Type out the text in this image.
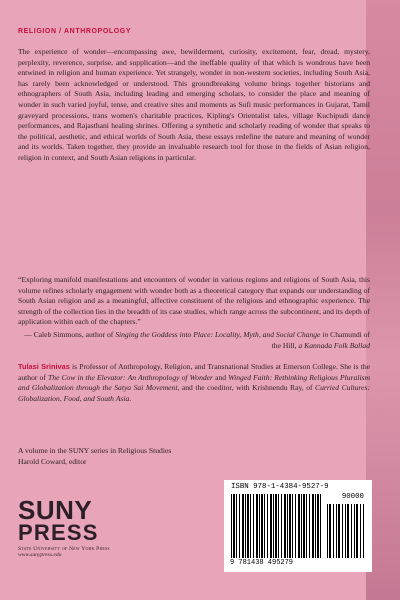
RELIGION / ANTHROPOLOGY

The experience of wonder—encompassing awe, bewilderment, curiosity, excitement, fear, dread, mystery, perplexity, reverence, surprise, and supplication—and the ineffable quality of that which is wondrous have been entwined in religion and human experience. Yet strangely, wonder in non-western societies, including South Asia, has rarely been acknowledged or understood. This groundbreaking volume brings together historians and ethnographers of South Asia, including leading and emerging scholars, to consider the place and meaning of wonder in such varied joyful, tense, and creative sites and moments as Sufi music performances in Gujarat, Tamil graveyard processions, trans women's charitable practices, Kipling's Orientalist tales, village Kuchipudi dance performances, and Rajasthani healing shrines. Offering a synthetic and scholarly reading of wonder that speaks to the political, aesthetic, and ethical worlds of South Asia, these essays redefine the nature and meaning of wonder and its worlds. Taken together, they provide an invaluable research tool for those in the fields of Asian religion, religion in context, and South Asian religions in particular.

“Exploring manifold manifestations and encounters of wonder in various regions and religions of South Asia, this volume refines scholarly engagement with wonder both as a theoretical category that expands our understanding of South Asian religion and as a meaningful, affective constituent of the religious and ethnographic experience. The strength of the collection lies in the breadth of its case studies, which range across the subcontinent, and its depth of application within each of the chapters.”

— Caleb Simmons, author of Singing the Goddess into Place: Locality, Myth, and Social Change in Chamundi of the Hill, a Kannada Folk Ballad

Tulasi Srinivas is Professor of Anthropology, Religion, and Transnational Studies at Emerson College. She is the author of The Cow in the Elevator: An Anthropology of Wonder and Winged Faith: Rethinking Religious Pluralism and Globalization through the Satya Sai Movement, and the coeditor, with Krishnendu Ray, of Curried Cultures: Globalization, Food, and South Asia.

A volume in the SUNY series in Religious Studies
Harold Coward, editor

SUNY
PRESS
State University of New York Press
www.sunypress.edu
ISBN 978-1-4384-9527-9
90000
9 781438 495279
